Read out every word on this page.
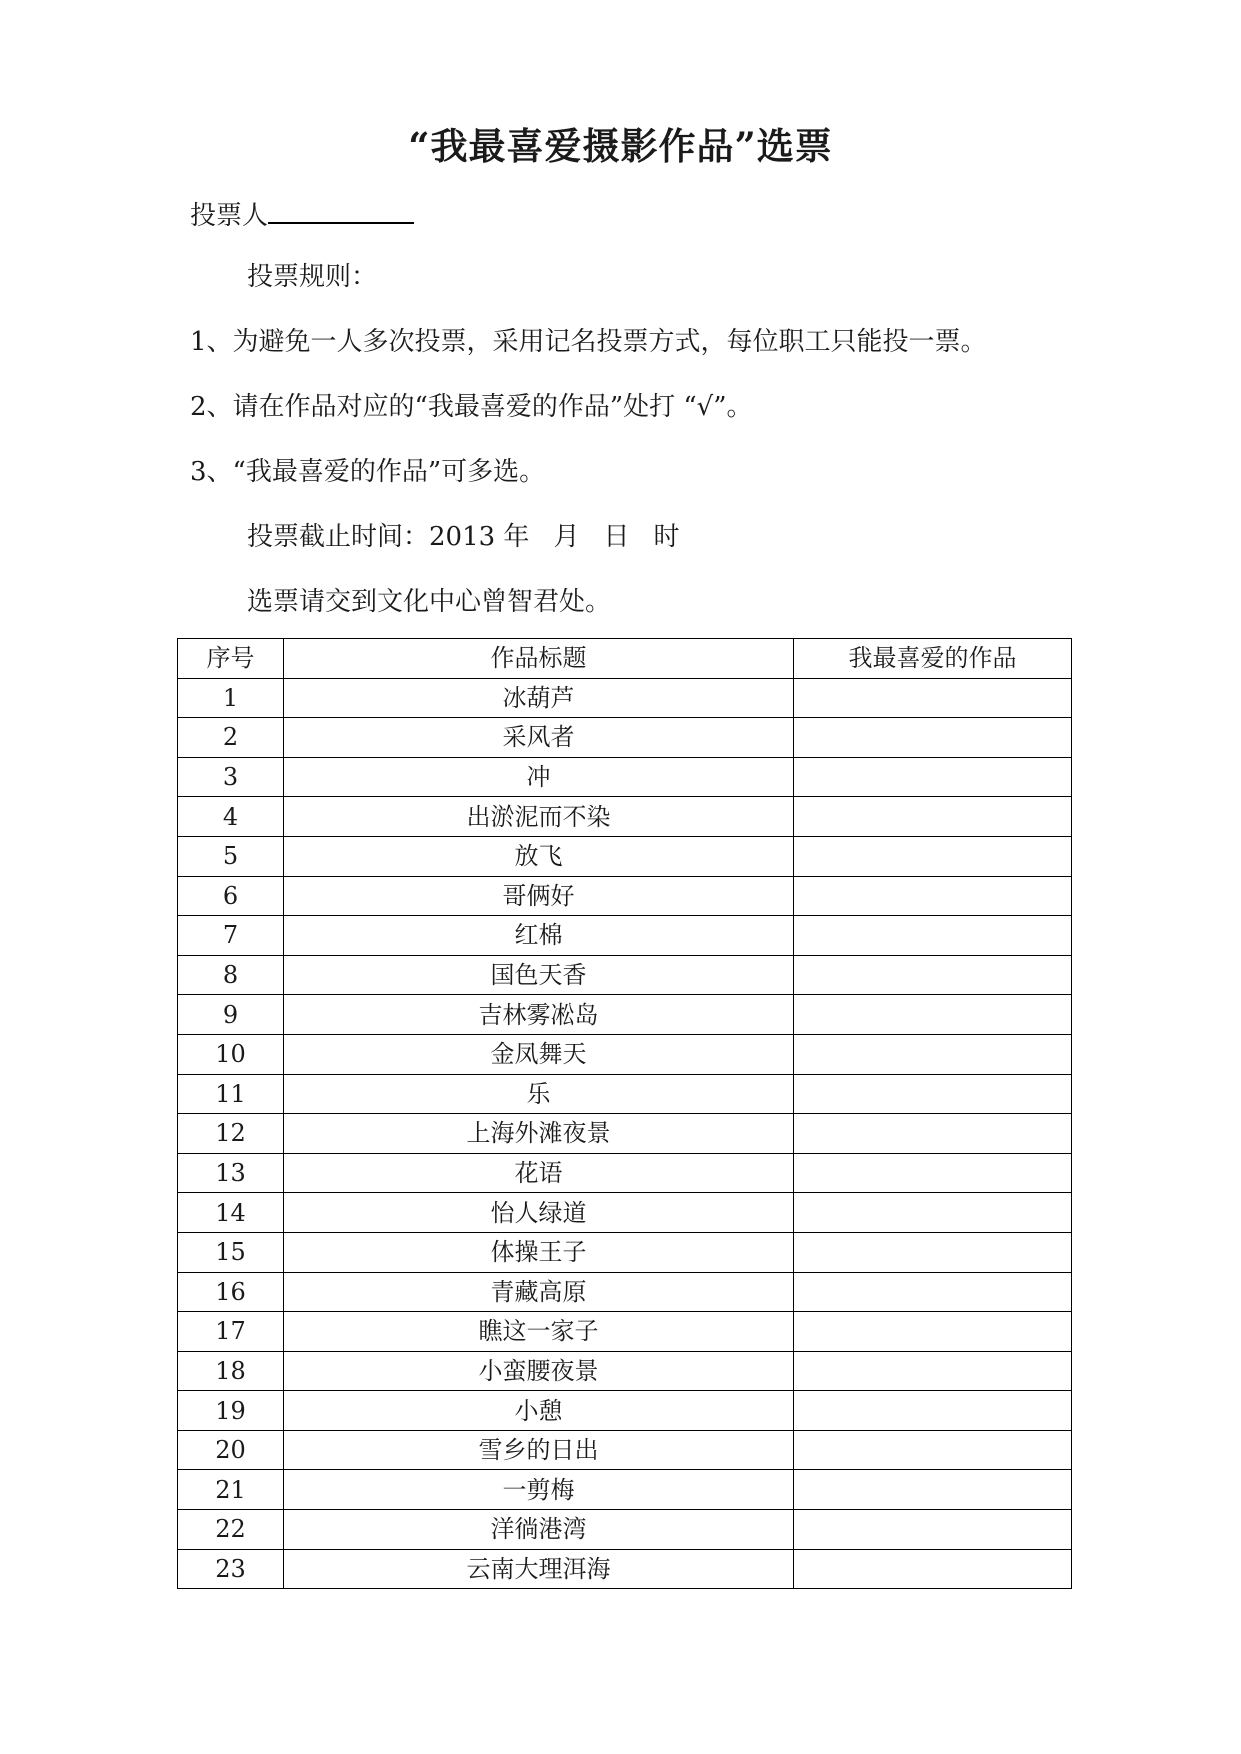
“我最喜爱摄影作品”选票
投票人
投票规则：
1、为避免一人多次投票，采用记名投票方式，每位职工只能投一票。
2、请在作品对应的“我最喜爱的作品”处打 “√”。
3、“我最喜爱的作品”可多选。
投票截止时间：2013 年 月 日 时
选票请交到文化中心曾智君处。
序号	作品标题	我最喜爱的作品
1	冰葫芦	
2	采风者	
3	冲	
4	出淤泥而不染	
5	放飞	
6	哥俩好	
7	红棉	
8	国色天香	
9	吉林雾凇岛	
10	金凤舞天	
11	乐	
12	上海外滩夜景	
13	花语	
14	怡人绿道	
15	体操王子	
16	青藏高原	
17	瞧这一家子	
18	小蛮腰夜景	
19	小憩	
20	雪乡的日出	
21	一剪梅	
22	洋徜港湾	
23	云南大理洱海	
